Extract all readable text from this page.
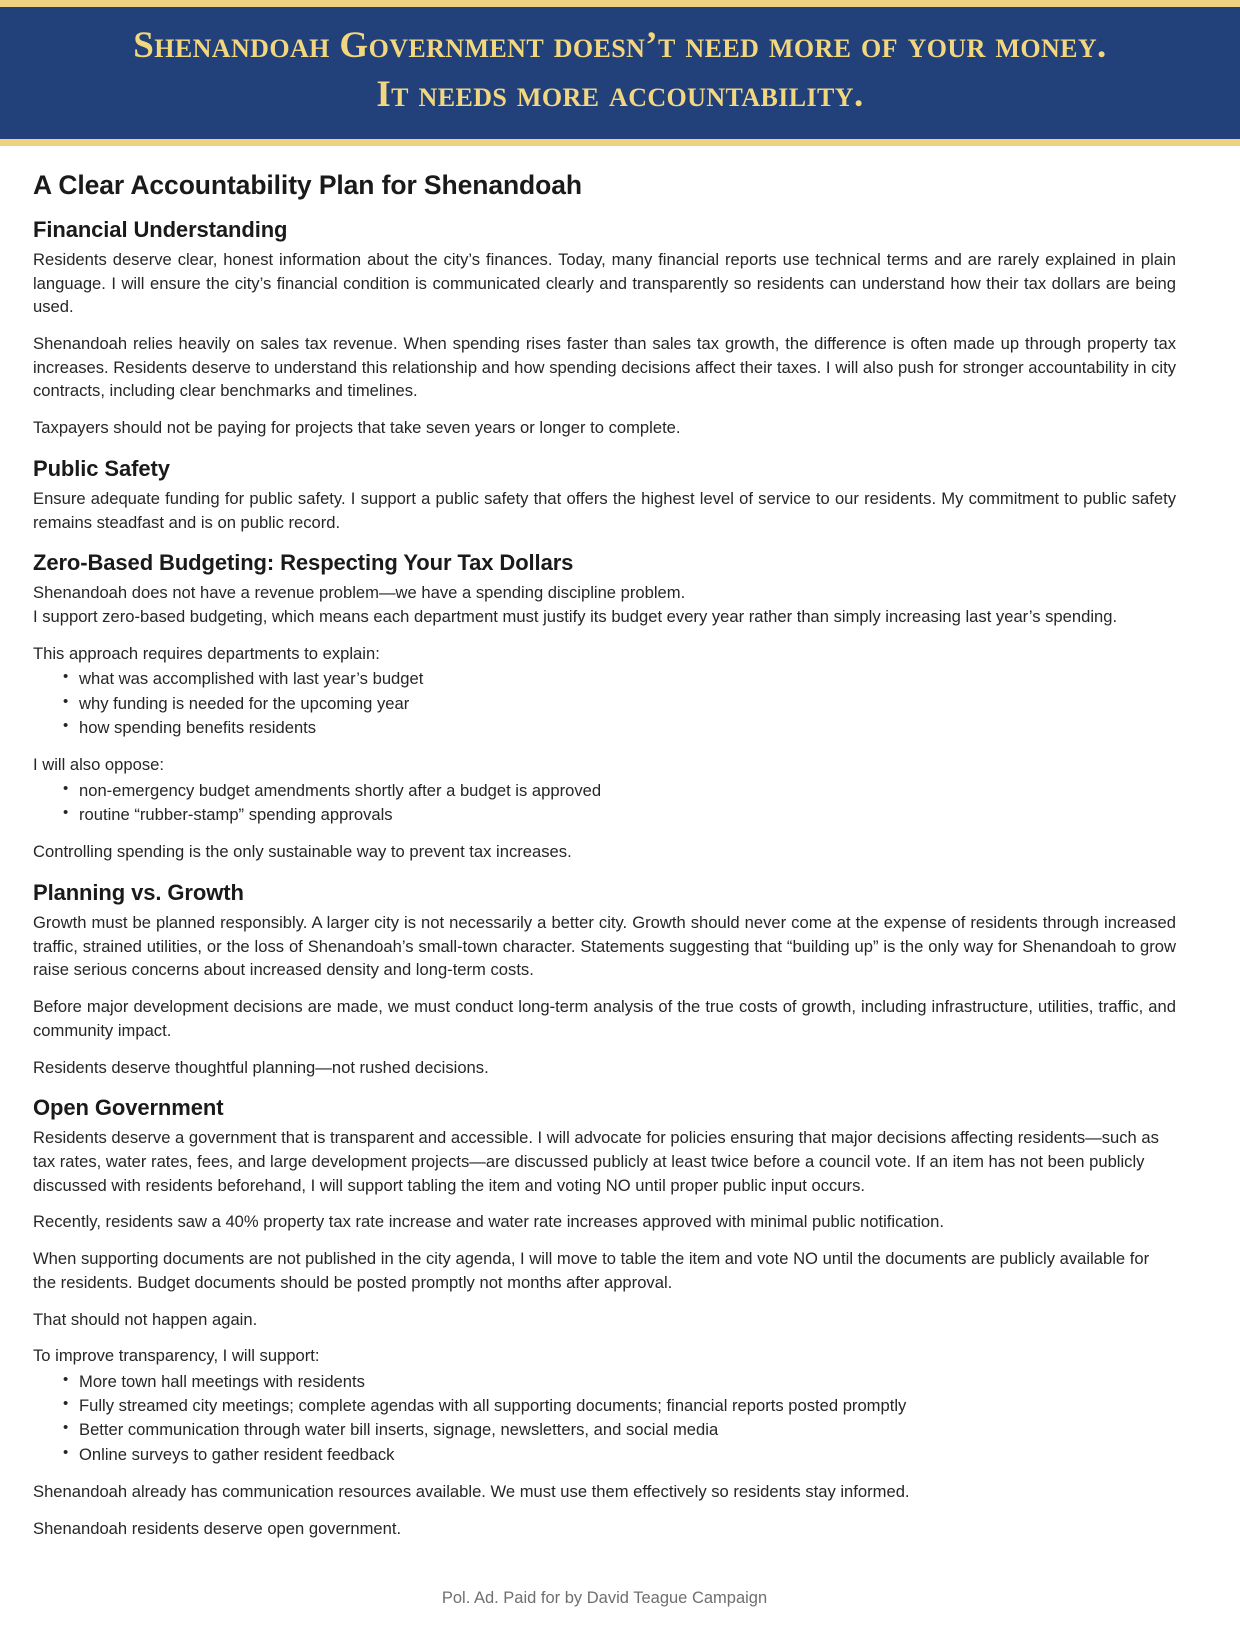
Shenandoah Government doesn’t need more of your money.
It needs more accountability.
A Clear Accountability Plan for Shenandoah
Financial Understanding

Residents deserve clear, honest information about the city’s finances. Today, many financial reports use technical terms and are rarely explained in plain language. I will ensure the city’s financial condition is communicated clearly and transparently so residents can understand how their tax dollars are being used.

Shenandoah relies heavily on sales tax revenue. When spending rises faster than sales tax growth, the difference is often made up through property tax increases. Residents deserve to understand this relationship and how spending decisions affect their taxes. I will also push for stronger accountability in city contracts, including clear benchmarks and timelines.

Taxpayers should not be paying for projects that take seven years or longer to complete.

Public Safety

Ensure adequate funding for public safety. I support a public safety that offers the highest level of service to our residents. My commitment to public safety remains steadfast and is on public record.

Zero-Based Budgeting: Respecting Your Tax Dollars

Shenandoah does not have a revenue problem—we have a spending discipline problem.

I support zero-based budgeting, which means each department must justify its budget every year rather than simply increasing last year’s spending.

This approach requires departments to explain:

• what was accomplished with last year’s budget
• why funding is needed for the upcoming year
• how spending benefits residents

I will also oppose:

• non-emergency budget amendments shortly after a budget is approved
• routine “rubber-stamp” spending approvals

Controlling spending is the only sustainable way to prevent tax increases.

Planning vs. Growth

Growth must be planned responsibly. A larger city is not necessarily a better city. Growth should never come at the expense of residents through increased traffic, strained utilities, or the loss of Shenandoah’s small-town character. Statements suggesting that “building up” is the only way for Shenandoah to grow raise serious concerns about increased density and long-term costs.

Before major development decisions are made, we must conduct long-term analysis of the true costs of growth, including infrastructure, utilities, traffic, and community impact.

Residents deserve thoughtful planning—not rushed decisions.

Open Government

Residents deserve a government that is transparent and accessible. I will advocate for policies ensuring that major decisions affecting residents—such as tax rates, water rates, fees, and large development projects—are discussed publicly at least twice before a council vote. If an item has not been publicly discussed with residents beforehand, I will support tabling the item and voting NO until proper public input occurs.

Recently, residents saw a 40% property tax rate increase and water rate increases approved with minimal public notification.

When supporting documents are not published in the city agenda, I will move to table the item and vote NO until the documents are publicly available for the residents. Budget documents should be posted promptly not months after approval.

That should not happen again.

To improve transparency, I will support:

• More town hall meetings with residents
• Fully streamed city meetings; complete agendas with all supporting documents; financial reports posted promptly
• Better communication through water bill inserts, signage, newsletters, and social media
• Online surveys to gather resident feedback

Shenandoah already has communication resources available. We must use them effectively so residents stay informed.

Shenandoah residents deserve open government.

Pol. Ad. Paid for by David Teague Campaign
